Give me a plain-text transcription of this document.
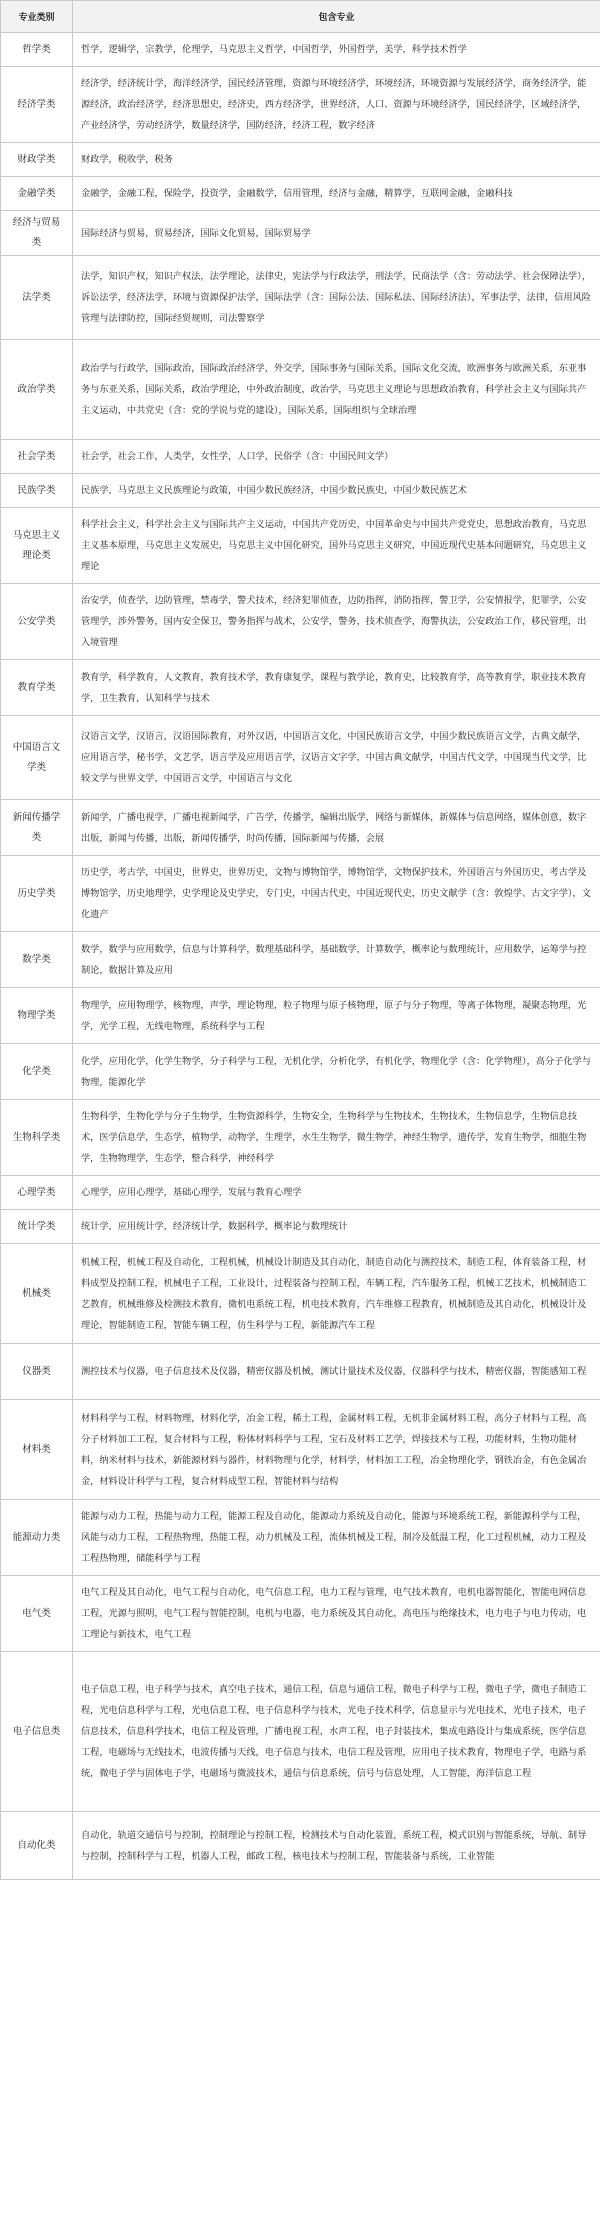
专业类别	包含专业
哲学类	哲学，逻辑学，宗教学，伦理学，马克思主义哲学，中国哲学，外国哲学，美学，科学技术哲学
经济学类	经济学，经济统计学，海洋经济学，国民经济管理，资源与环境经济学，环境经济，环境资源与发展经济学，商务经济学，能源经济，政治经济学，经济思想史，经济史，西方经济学，世界经济，人口、资源与环境经济学，国民经济学，区域经济学，产业经济学，劳动经济学，数量经济学，国防经济，经济工程，数字经济
财政学类	财政学，税收学，税务
金融学类	金融学，金融工程，保险学，投资学，金融数学，信用管理，经济与金融，精算学，互联网金融，金融科技
经济与贸易类	国际经济与贸易，贸易经济，国际文化贸易，国际贸易学
法学类	法学，知识产权，知识产权法，法学理论，法律史，宪法学与行政法学，刑法学，民商法学（含：劳动法学、社会保障法学），诉讼法学，经济法学，环境与资源保护法学，国际法学（含：国际公法、国际私法、国际经济法），军事法学，法律，信用风险管理与法律防控，国际经贸规则，司法警察学
政治学类	政治学与行政学，国际政治，国际政治经济学，外交学，国际事务与国际关系，国际文化交流，欧洲事务与欧洲关系，东亚事务与东亚关系，国际关系，政治学理论，中外政治制度，政治学，马克思主义理论与思想政治教育，科学社会主义与国际共产主义运动，中共党史（含：党的学说与党的建设），国际关系，国际组织与全球治理
社会学类	社会学，社会工作，人类学，女性学，人口学，民俗学（含：中国民间文学）
民族学类	民族学，马克思主义民族理论与政策，中国少数民族经济，中国少数民族史，中国少数民族艺术
马克思主义理论类	科学社会主义，科学社会主义与国际共产主义运动，中国共产党历史，中国革命史与中国共产党党史，思想政治教育，马克思主义基本原理，马克思主义发展史，马克思主义中国化研究，国外马克思主义研究，中国近现代史基本问题研究，马克思主义理论
公安学类	治安学，侦查学，边防管理，禁毒学，警犬技术，经济犯罪侦查，边防指挥，消防指挥，警卫学，公安情报学，犯罪学，公安管理学，涉外警务，国内安全保卫，警务指挥与战术，公安学，警务，技术侦查学，海警执法，公安政治工作，移民管理，出入境管理
教育学类	教育学，科学教育，人文教育，教育技术学，教育康复学，课程与教学论，教育史，比较教育学，高等教育学，职业技术教育学，卫生教育，认知科学与技术
中国语言文学类	汉语言文学，汉语言，汉语国际教育，对外汉语，中国语言文化，中国民族语言文学，中国少数民族语言文学，古典文献学，应用语言学，秘书学，文艺学，语言学及应用语言学，汉语言文字学，中国古典文献学，中国古代文学，中国现当代文学，比较文学与世界文学，中国语言文学，中国语言与文化
新闻传播学类	新闻学，广播电视学，广播电视新闻学，广告学，传播学，编辑出版学，网络与新媒体，新媒体与信息网络，媒体创意，数字出版，新闻与传播，出版，新闻传播学，时尚传播，国际新闻与传播，会展
历史学类	历史学，考古学，中国史，世界史，世界历史，文物与博物馆学，博物馆学，文物保护技术，外国语言与外国历史，考古学及博物馆学，历史地理学，史学理论及史学史，专门史，中国古代史，中国近现代史，历史文献学（含：敦煌学、古文字学），文化遗产
数学类	数学，数学与应用数学，信息与计算科学，数理基础科学，基础数学，计算数学，概率论与数理统计，应用数学，运筹学与控制论，数据计算及应用
物理学类	物理学，应用物理学，核物理，声学，理论物理，粒子物理与原子核物理，原子与分子物理，等离子体物理，凝聚态物理，光学，光学工程，无线电物理，系统科学与工程
化学类	化学，应用化学，化学生物学，分子科学与工程，无机化学，分析化学，有机化学，物理化学（含：化学物理），高分子化学与物理，能源化学
生物科学类	生物科学，生物化学与分子生物学，生物资源科学，生物安全，生物科学与生物技术，生物技术，生物信息学，生物信息技术，医学信息学，生态学，植物学，动物学，生理学，水生生物学，微生物学，神经生物学，遗传学，发育生物学，细胞生物学，生物物理学，生态学，整合科学，神经科学
心理学类	心理学，应用心理学，基础心理学，发展与教育心理学
统计学类	统计学，应用统计学，经济统计学，数据科学，概率论与数理统计
机械类	机械工程，机械工程及自动化，工程机械，机械设计制造及其自动化，制造自动化与测控技术，制造工程，体育装备工程，材料成型及控制工程，机械电子工程，工业设计，过程装备与控制工程，车辆工程，汽车服务工程，机械工艺技术，机械制造工艺教育，机械维修及检测技术教育，微机电系统工程，机电技术教育，汽车维修工程教育，机械制造及其自动化，机械设计及理论，智能制造工程，智能车辆工程，仿生科学与工程，新能源汽车工程
仪器类	测控技术与仪器，电子信息技术及仪器，精密仪器及机械，测试计量技术及仪器，仪器科学与技术，精密仪器，智能感知工程
材料类	材料科学与工程，材料物理，材料化学，冶金工程，稀土工程，金属材料工程，无机非金属材料工程，高分子材料与工程，高分子材料加工工程，复合材料与工程，粉体材料科学与工程，宝石及材料工艺学，焊接技术与工程，功能材料，生物功能材料，纳米材料与技术，新能源材料与器件，材料物理与化学，材料学，材料加工工程，冶金物理化学，钢铁冶金，有色金属冶金，材料设计科学与工程，复合材料成型工程，智能材料与结构
能源动力类	能源与动力工程，热能与动力工程，能源工程及自动化，能源动力系统及自动化，能源与环境系统工程，新能源科学与工程，风能与动力工程，工程热物理，热能工程，动力机械及工程，流体机械及工程，制冷及低温工程，化工过程机械，动力工程及工程热物理，储能科学与工程
电气类	电气工程及其自动化，电气工程与自动化，电气信息工程，电力工程与管理，电气技术教育，电机电器智能化，智能电网信息工程，光源与照明，电气工程与智能控制，电机与电器，电力系统及其自动化，高电压与绝缘技术，电力电子与电力传动，电工理论与新技术，电气工程
电子信息类	电子信息工程，电子科学与技术，真空电子技术，通信工程，信息与通信工程，微电子科学与工程，微电子学，微电子制造工程，光电信息科学与工程，光电信息工程，电子信息科学与技术，光电子技术科学，信息显示与光电技术，光电子技术，电子信息技术，信息科学技术，电信工程及管理，广播电视工程，水声工程，电子封装技术，集成电路设计与集成系统，医学信息工程，电磁场与无线技术，电波传播与天线，电子信息与技术，电信工程及管理，应用电子技术教育，物理电子学，电路与系统，微电子学与固体电子学，电磁场与微波技术，通信与信息系统，信号与信息处理，人工智能，海洋信息工程
自动化类	自动化，轨道交通信号与控制，控制理论与控制工程，检测技术与自动化装置，系统工程，模式识别与智能系统，导航、制导与控制，控制科学与工程，机器人工程，邮政工程，核电技术与控制工程，智能装备与系统，工业智能
